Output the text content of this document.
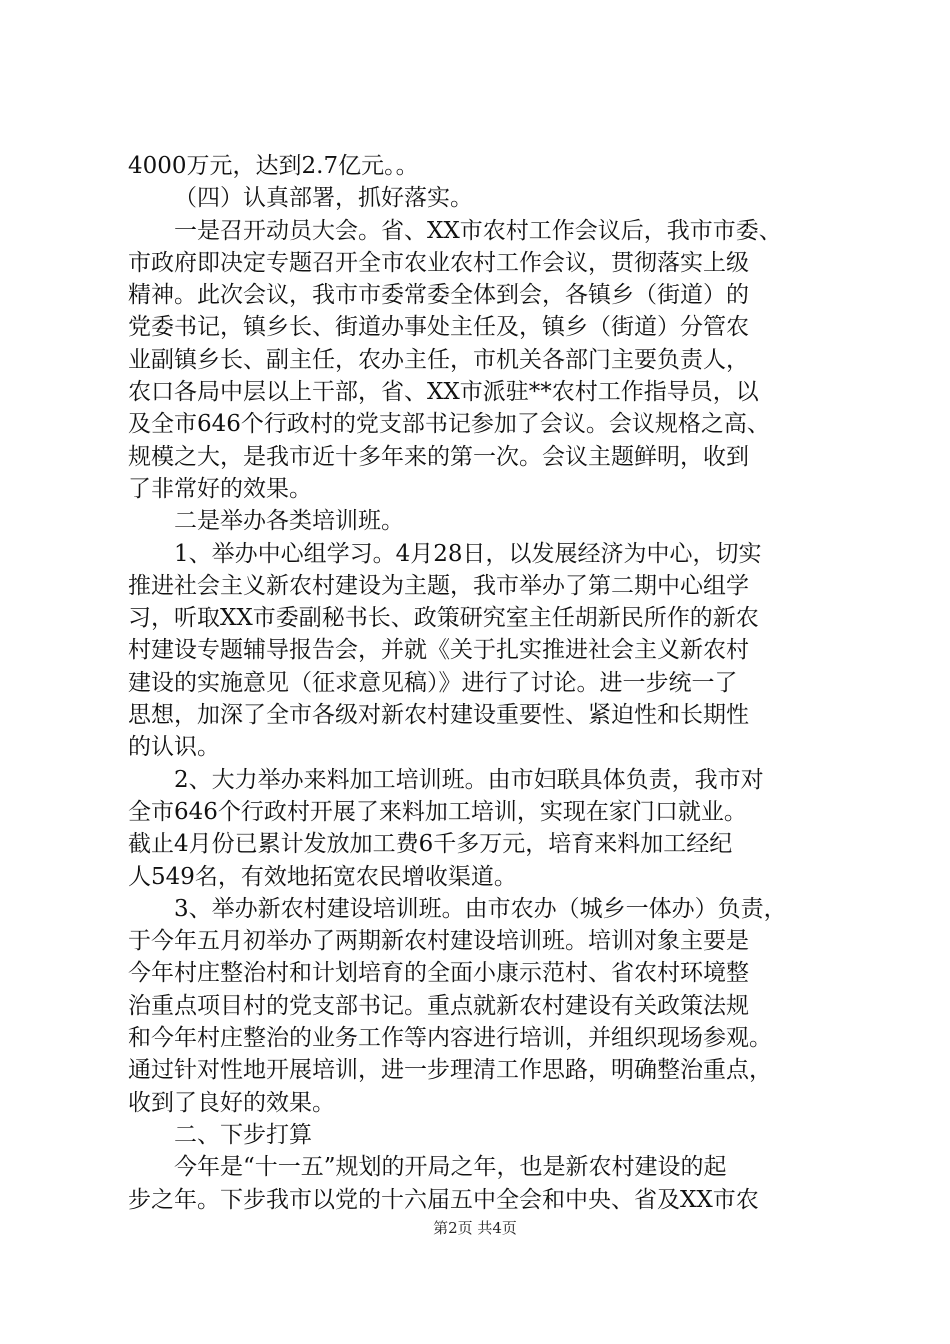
4000万元，达到2.7亿元。。
（四）认真部署，抓好落实。
一是召开动员大会。省、XX市农村工作会议后，我市市委、
市政府即决定专题召开全市农业农村工作会议，贯彻落实上级
精神。此次会议，我市市委常委全体到会，各镇乡（街道）的
党委书记，镇乡长、街道办事处主任及，镇乡（街道）分管农
业副镇乡长、副主任，农办主任，市机关各部门主要负责人，
农口各局中层以上干部，省、XX市派驻**农村工作指导员，以
及全市646个行政村的党支部书记参加了会议。会议规格之高、
规模之大，是我市近十多年来的第一次。会议主题鲜明，收到
了非常好的效果。
二是举办各类培训班。
1、举办中心组学习。4月28日，以发展经济为中心，切实
推进社会主义新农村建设为主题，我市举办了第二期中心组学
习，听取XX市委副秘书长、政策研究室主任胡新民所作的新农
村建设专题辅导报告会，并就《关于扎实推进社会主义新农村
建设的实施意见（征求意见稿）》进行了讨论。进一步统一了
思想，加深了全市各级对新农村建设重要性、紧迫性和长期性
的认识。
2、大力举办来料加工培训班。由市妇联具体负责，我市对
全市646个行政村开展了来料加工培训，实现在家门口就业。
截止4月份已累计发放加工费6千多万元，培育来料加工经纪
人549名，有效地拓宽农民增收渠道。
3、举办新农村建设培训班。由市农办（城乡一体办）负责，
于今年五月初举办了两期新农村建设培训班。培训对象主要是
今年村庄整治村和计划培育的全面小康示范村、省农村环境整
治重点项目村的党支部书记。重点就新农村建设有关政策法规
和今年村庄整治的业务工作等内容进行培训，并组织现场参观。
通过针对性地开展培训，进一步理清工作思路，明确整治重点，
收到了良好的效果。
二、下步打算
今年是“十一五”规划的开局之年，也是新农村建设的起
步之年。下步我市以党的十六届五中全会和中央、省及XX市农
第2页 共4页
